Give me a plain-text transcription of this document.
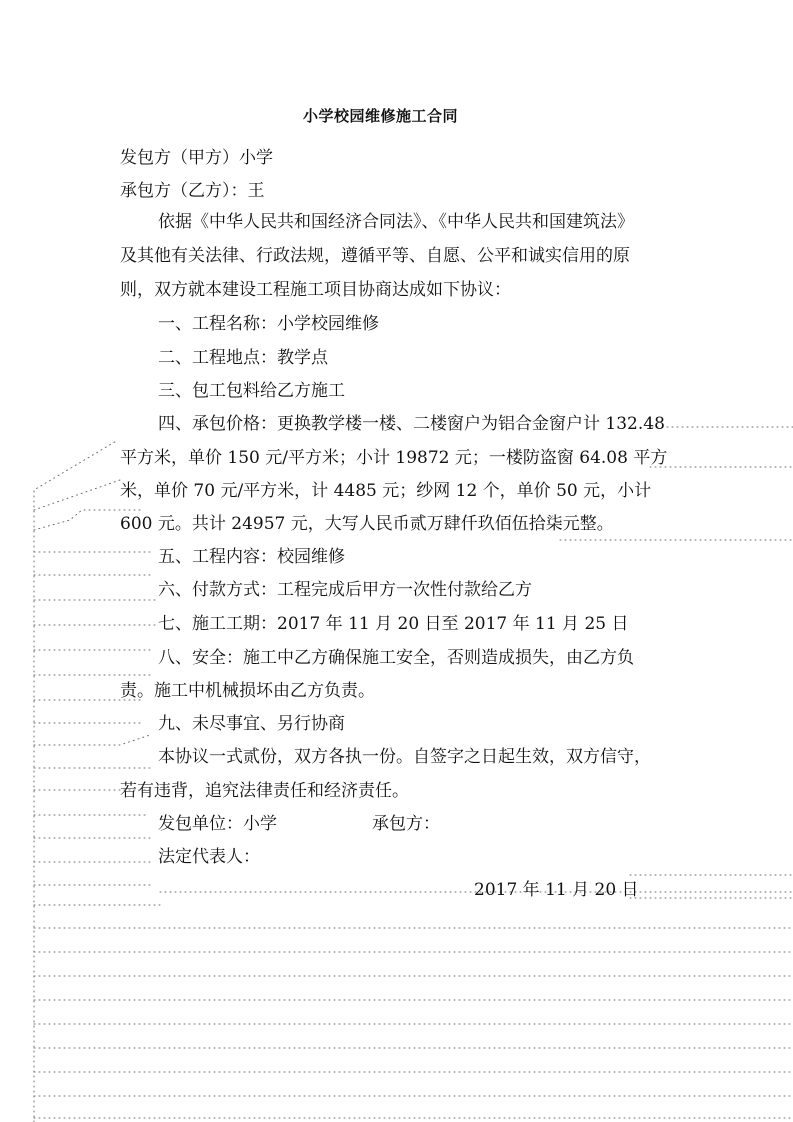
小学校园维修施工合同
发包方（甲方）小学
承包方（乙方）：王
依据《中华人民共和国经济合同法》、《中华人民共和国建筑法》
及其他有关法律、行政法规，遵循平等、自愿、公平和诚实信用的原
则，双方就本建设工程施工项目协商达成如下协议：
一、工程名称：小学校园维修
二、工程地点：教学点
三、包工包料给乙方施工
四、承包价格：更换教学楼一楼、二楼窗户为铝合金窗户计 132.48
平方米，单价 150 元/平方米；小计 19872 元；一楼防盗窗 64.08 平方
米，单价 70 元/平方米，计 4485 元；纱网 12 个，单价 50 元，小计
600 元。共计 24957 元，大写人民币贰万肆仟玖佰伍拾柒元整。
五、工程内容：校园维修
六、付款方式：工程完成后甲方一次性付款给乙方
七、施工工期：2017 年 11 月 20 日至 2017 年 11 月 25 日
八、安全：施工中乙方确保施工安全，否则造成损失，由乙方负
责。施工中机械损坏由乙方负责。
九、未尽事宜、另行协商
本协议一式贰份，双方各执一份。自签字之日起生效，双方信守，
若有违背，追究法律责任和经济责任。
发包单位：小学	承包方：
法定代表人：
2017 年 11 月 20 日
